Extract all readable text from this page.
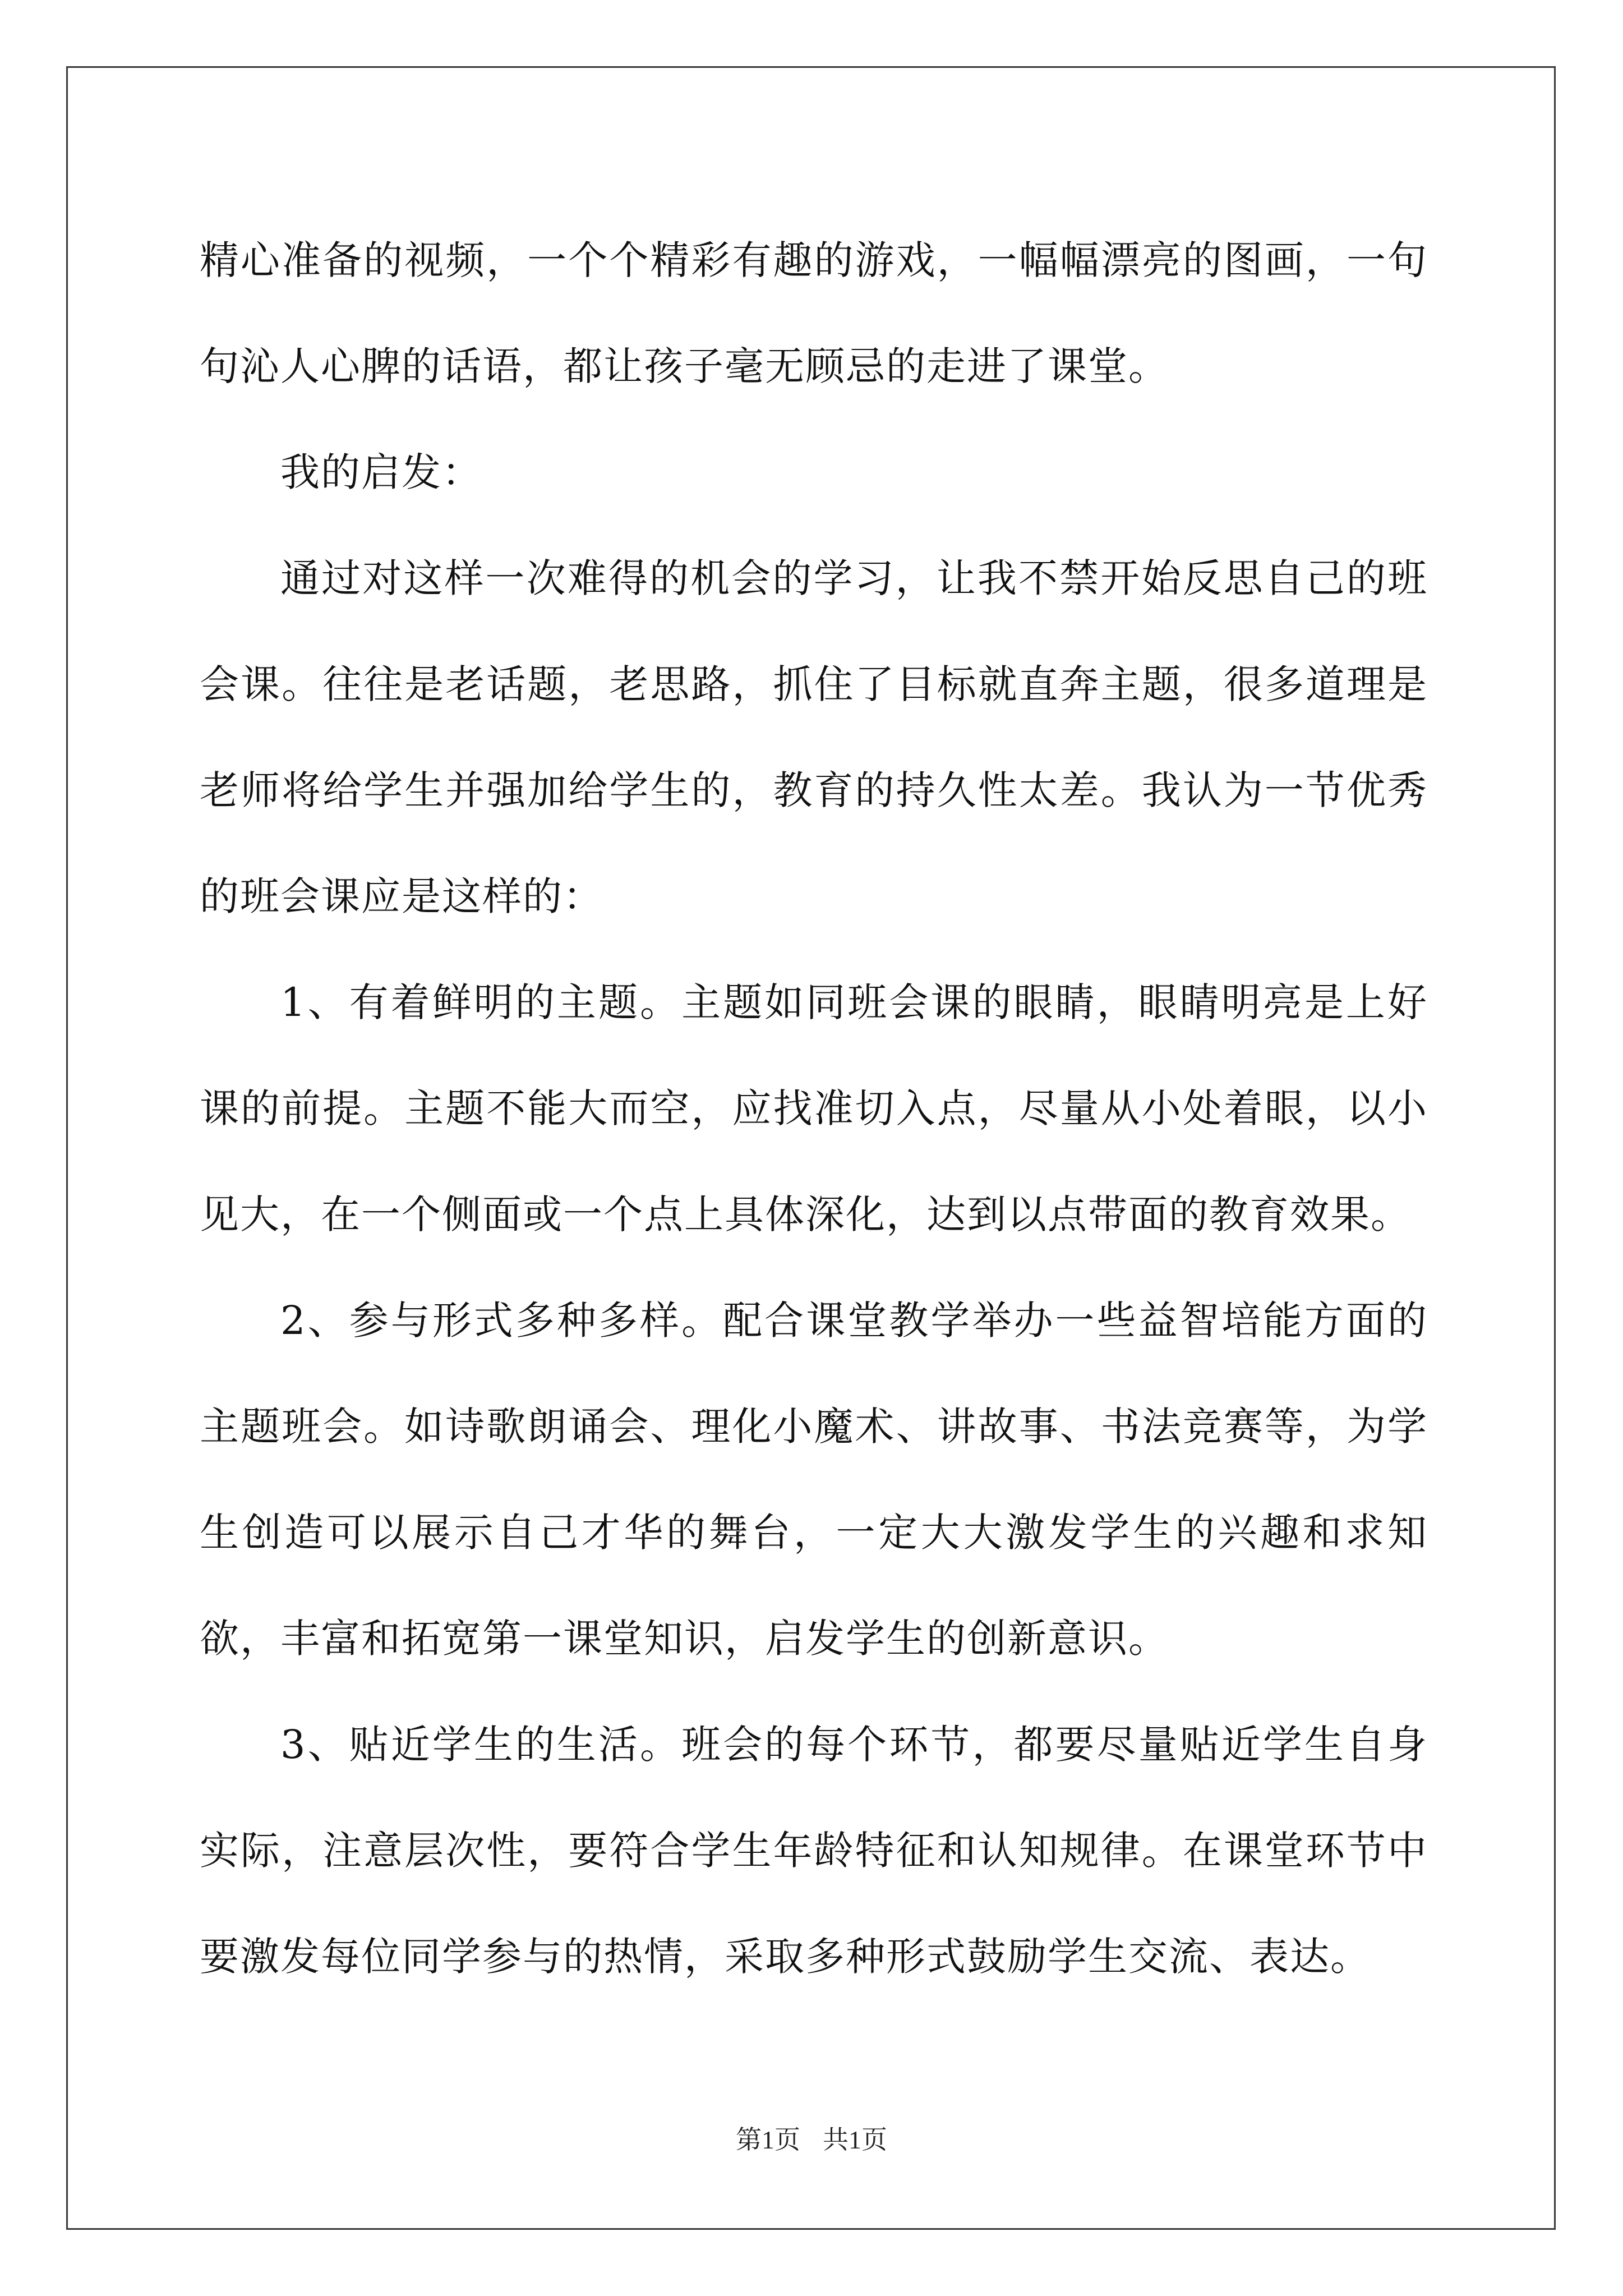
精心准备的视频，一个个精彩有趣的游戏，一幅幅漂亮的图画，一句句沁人心脾的话语，都让孩子毫无顾忌的走进了课堂。

我的启发：

通过对这样一次难得的机会的学习，让我不禁开始反思自己的班会课。往往是老话题，老思路，抓住了目标就直奔主题，很多道理是老师将给学生并强加给学生的，教育的持久性太差。我认为一节优秀的班会课应是这样的：

1、有着鲜明的主题。主题如同班会课的眼睛，眼睛明亮是上好课的前提。主题不能大而空，应找准切入点，尽量从小处着眼，以小见大，在一个侧面或一个点上具体深化，达到以点带面的教育效果。

2、参与形式多种多样。配合课堂教学举办一些益智培能方面的主题班会。如诗歌朗诵会、理化小魔术、讲故事、书法竞赛等，为学生创造可以展示自己才华的舞台，一定大大激发学生的兴趣和求知欲，丰富和拓宽第一课堂知识，启发学生的创新意识。

3、贴近学生的生活。班会的每个环节，都要尽量贴近学生自身实际，注意层次性，要符合学生年龄特征和认知规律。在课堂环节中要激发每位同学参与的热情，采取多种形式鼓励学生交流、表达。

第1页 共1页
